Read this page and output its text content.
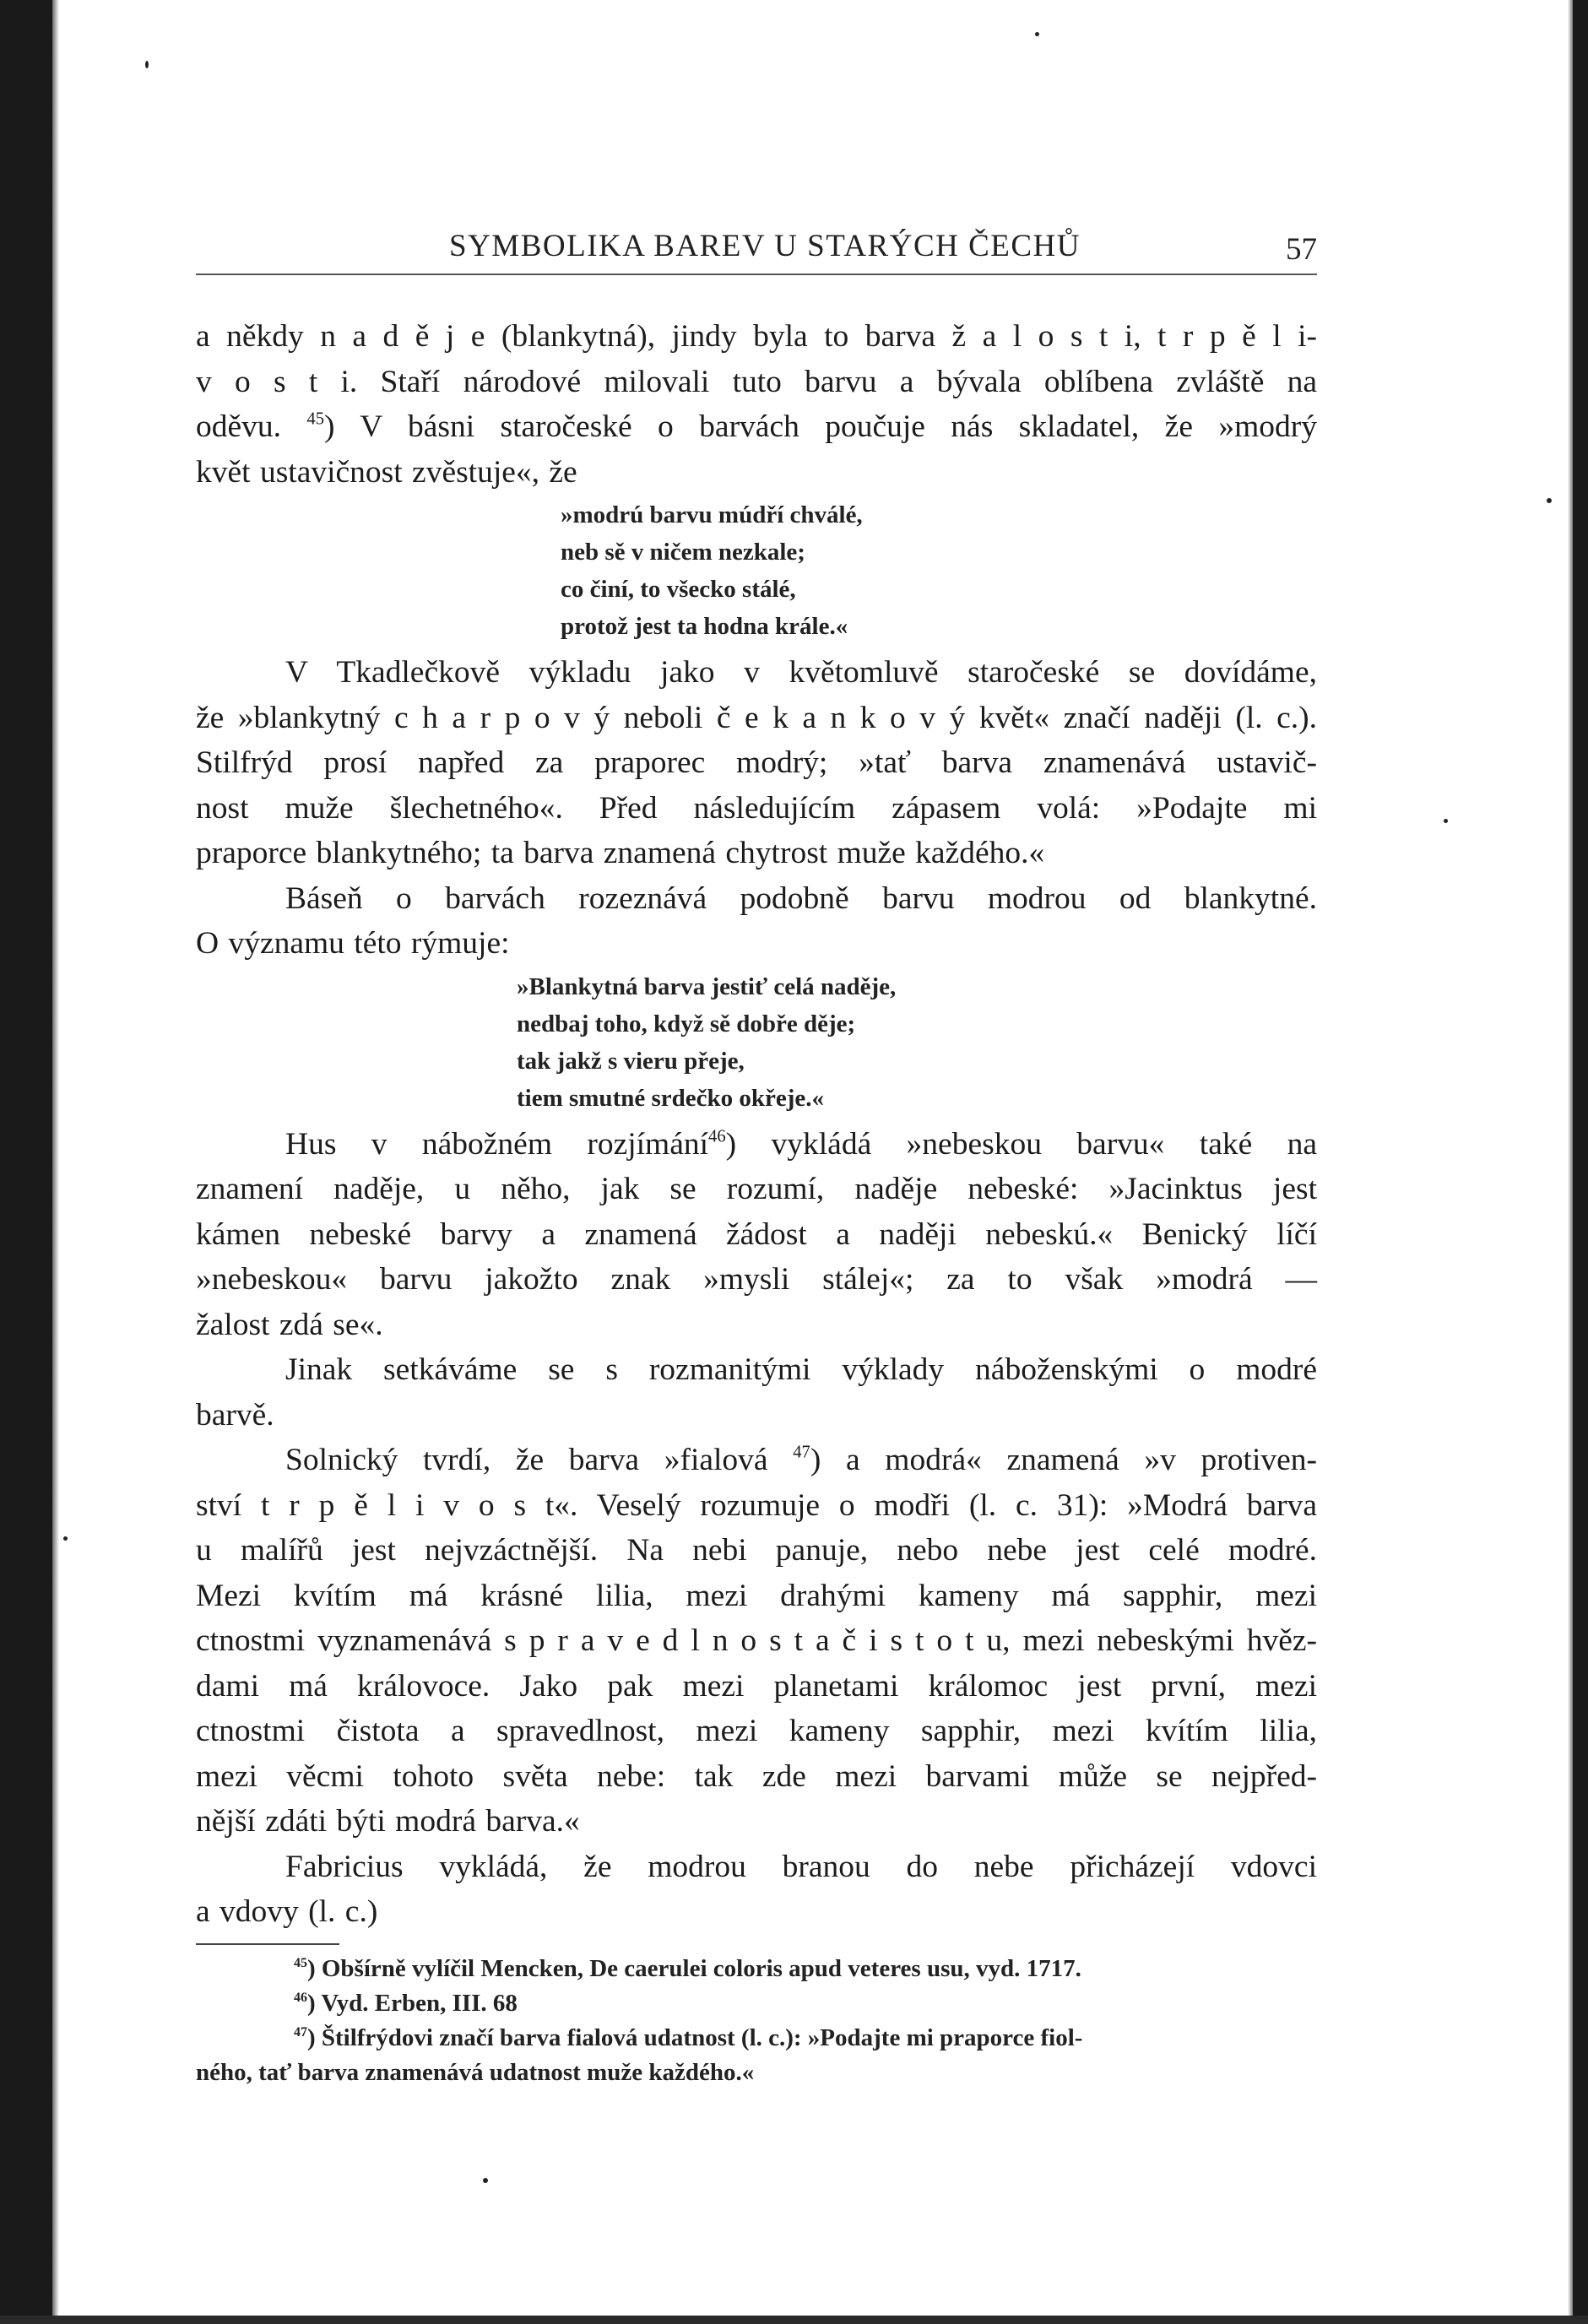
SYMBOLIKA BAREV U STARÝCH ČECHŮ	57
a někdy n a d ě j e (blankytná), jindy byla to barva ž a l o s t i, t r p ě l i-
v o s t i. Staří národové milovali tuto barvu a bývala oblíbena zvláště na
oděvu. $^{45}$) V básni staročeské o barvách poučuje nás skladatel, že »modrý
květ ustavičnost zvěstuje«, že
»modrú barvu múdří chválé,
neb sě v ničem nezkale;
co činí, to všecko stálé,
protož jest ta hodna krále.«
V Tkadlečkově výkladu jako v květomluvě staročeské se dovídáme,
že »blankytný c h a r p o v ý neboli č e k a n k o v ý květ« značí naději (l. c.).
Stilfrýd prosí napřed za praporec modrý; »tať barva znamenává ustavič-
nost muže šlechetného«. Před následujícím zápasem volá: »Podajte mi
praporce blankytného; ta barva znamená chytrost muže každého.«
Báseň o barvách rozeznává podobně barvu modrou od blankytné.
O významu této rýmuje:
»Blankytná barva jestiť celá naděje,
nedbaj toho, když sě dobře děje;
tak jakž s vieru přeje,
tiem smutné srdečko okřeje.«
Hus v nábožném rozjímání$^{46}$) vykládá »nebeskou barvu« také na
znamení naděje, u něho, jak se rozumí, naděje nebeské: »Jacinktus jest
kámen nebeské barvy a znamená žádost a naději nebeskú.« Benický líčí
»nebeskou« barvu jakožto znak »mysli stálej«; za to však »modrá —
žalost zdá se«.
Jinak setkáváme se s rozmanitými výklady náboženskými o modré
barvě.
Solnický tvrdí, že barva »fialová $^{47}$) a modrá« znamená »v protiven-
ství t r p ě l i v o s t«. Veselý rozumuje o modři (l. c. 31): »Modrá barva
u malířů jest nejvzáctnější. Na nebi panuje, nebo nebe jest celé modré.
Mezi kvítím má krásné lilia, mezi drahými kameny má sapphir, mezi
ctnostmi vyznamenává s p r a v e d l n o s t a č i s t o t u, mezi nebeskými hvěz-
dami má královoce. Jako pak mezi planetami králomoc jest první, mezi
ctnostmi čistota a spravedlnost, mezi kameny sapphir, mezi kvítím lilia,
mezi věcmi tohoto světa nebe: tak zde mezi barvami může se nejpřed-
nější zdáti býti modrá barva.«
Fabricius vykládá, že modrou branou do nebe přicházejí vdovci
a vdovy (l. c.)
$^{45}$) Obšírně vylíčil Mencken, De caerulei coloris apud veteres usu, vyd. 1717.
$^{46}$) Vyd. Erben, III. 68
$^{47}$) Štilfrýdovi značí barva fialová udatnost (l. c.): »Podajte mi praporce fiol-
ného, tať barva znamenává udatnost muže každého.«
